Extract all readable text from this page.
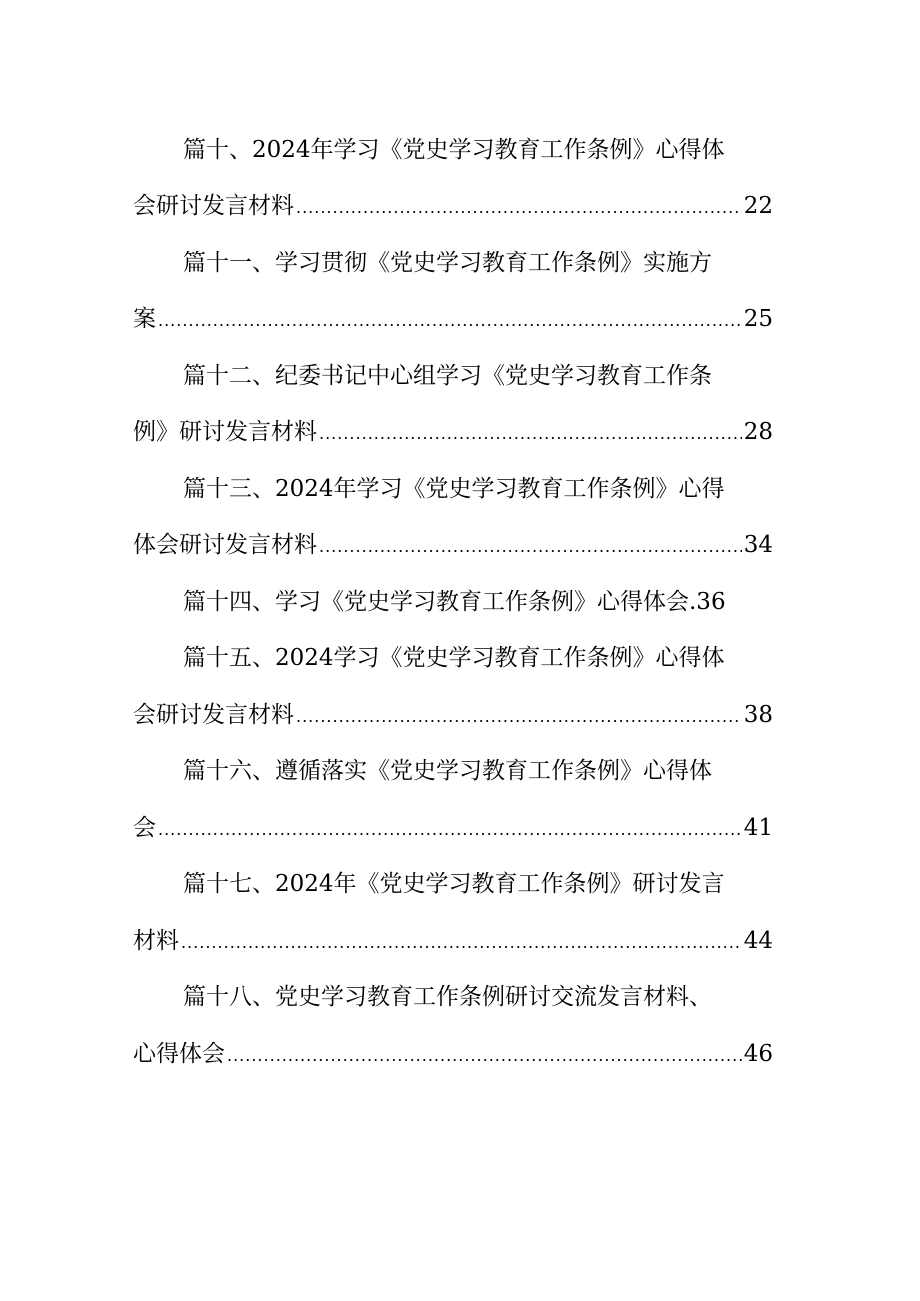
篇十、2024年学习《党史学习教育工作条例》心得体
会研讨发言材料 .....	22
篇十一、学习贯彻《党史学习教育工作条例》实施方
案 .....	25
篇十二、纪委书记中心组学习《党史学习教育工作条
例》研讨发言材料 .....	28
篇十三、2024年学习《党史学习教育工作条例》心得
体会研讨发言材料 .....	34
篇十四、学习《党史学习教育工作条例》心得体会.36
篇十五、2024学习《党史学习教育工作条例》心得体
会研讨发言材料 .....	38
篇十六、遵循落实《党史学习教育工作条例》心得体
会 .....	41
篇十七、2024年《党史学习教育工作条例》研讨发言
材料 .....	44
篇十八、党史学习教育工作条例研讨交流发言材料、
心得体会 .....	46
